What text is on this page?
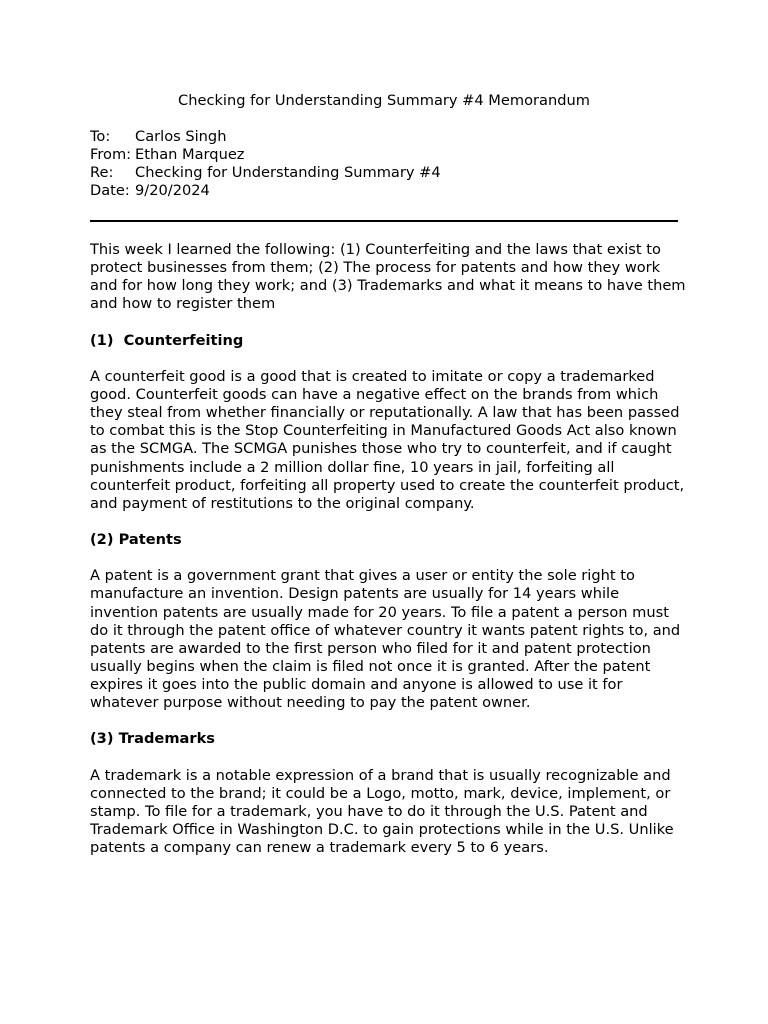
Checking for Understanding Summary #4 Memorandum
To:	Carlos Singh
From: Ethan Marquez
Re:	Checking for Understanding Summary #4
Date: 9/20/2024

This week I learned the following: (1) Counterfeiting and the laws that exist to protect businesses from them; (2) The process for patents and how they work and for how long they work; and (3) Trademarks and what it means to have them and how to register them

(1)  Counterfeiting

A counterfeit good is a good that is created to imitate or copy a trademarked good. Counterfeit goods can have a negative effect on the brands from which they steal from whether financially or reputationally. A law that has been passed to combat this is the Stop Counterfeiting in Manufactured Goods Act also known as the SCMGA. The SCMGA punishes those who try to counterfeit, and if caught punishments include a 2 million dollar fine, 10 years in jail, forfeiting all counterfeit product, forfeiting all property used to create the counterfeit product, and payment of restitutions to the original company.

(2) Patents

A patent is a government grant that gives a user or entity the sole right to manufacture an invention. Design patents are usually for 14 years while invention patents are usually made for 20 years. To file a patent a person must do it through the patent office of whatever country it wants patent rights to, and patents are awarded to the first person who filed for it and patent protection usually begins when the claim is filed not once it is granted. After the patent expires it goes into the public domain and anyone is allowed to use it for whatever purpose without needing to pay the patent owner.

(3) Trademarks

A trademark is a notable expression of a brand that is usually recognizable and connected to the brand; it could be a Logo, motto, mark, device, implement, or stamp. To file for a trademark, you have to do it through the U.S. Patent and Trademark Office in Washington D.C. to gain protections while in the U.S. Unlike patents a company can renew a trademark every 5 to 6 years.
